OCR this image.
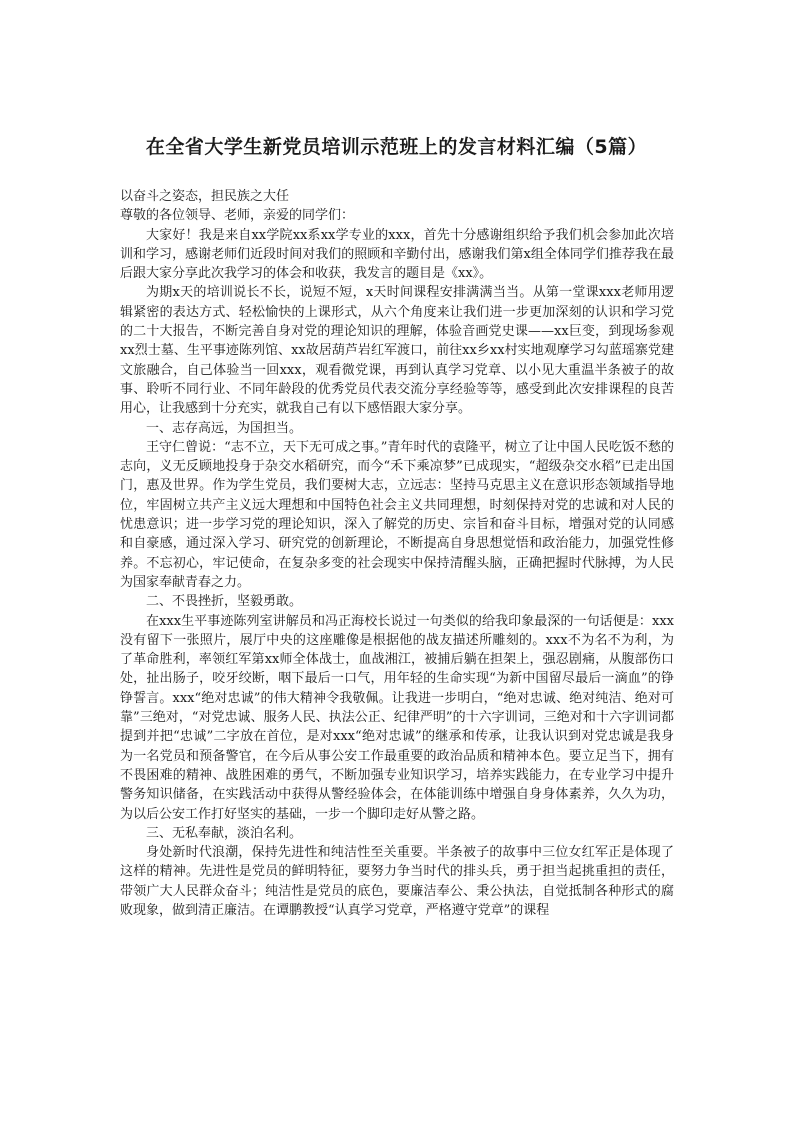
在全省大学生新党员培训示范班上的发言材料汇编（5篇）

以奋斗之姿态，担民族之大任

尊敬的各位领导、老师，亲爱的同学们：

大家好！我是来自xx学院xx系xx学专业的xxx，首先十分感谢组织给予我们机会参加此次培训和学习，感谢老师们近段时间对我们的照顾和辛勤付出，感谢我们第x组全体同学们推荐我在最后跟大家分享此次我学习的体会和收获，我发言的题目是《xx》。

为期x天的培训说长不长，说短不短，x天时间课程安排满满当当。从第一堂课xxx老师用逻辑紧密的表达方式、轻松愉快的上课形式，从六个角度来让我们进一步更加深刻的认识和学习党的二十大报告，不断完善自身对党的理论知识的理解，体验音画党史课——xx巨变，到现场参观xx烈士墓、生平事迹陈列馆、xx故居葫芦岩红军渡口，前往xx乡xx村实地观摩学习勾蓝瑶寨党建文旅融合，自己体验当一回xxx，观看微党课，再到认真学习党章、以小见大重温半条被子的故事、聆听不同行业、不同年龄段的优秀党员代表交流分享经验等等，感受到此次安排课程的良苦用心，让我感到十分充实，就我自己有以下感悟跟大家分享。

一、志存高远，为国担当。

王守仁曾说：“志不立，天下无可成之事。”青年时代的袁隆平，树立了让中国人民吃饭不愁的志向，义无反顾地投身于杂交水稻研究，而今“禾下乘凉梦”已成现实，“超级杂交水稻”已走出国门，惠及世界。作为学生党员，我们要树大志，立远志：坚持马克思主义在意识形态领域指导地位，牢固树立共产主义远大理想和中国特色社会主义共同理想，时刻保持对党的忠诚和对人民的忧患意识；进一步学习党的理论知识，深入了解党的历史、宗旨和奋斗目标，增强对党的认同感和自豪感，通过深入学习、研究党的创新理论，不断提高自身思想觉悟和政治能力，加强党性修养。不忘初心，牢记使命，在复杂多变的社会现实中保持清醒头脑，正确把握时代脉搏，为人民为国家奉献青春之力。

二、不畏挫折，坚毅勇敢。

在xxx生平事迹陈列室讲解员和冯正海校长说过一句类似的给我印象最深的一句话便是：xxx没有留下一张照片，展厅中央的这座雕像是根据他的战友描述所雕刻的。xxx不为名不为利，为了革命胜利，率领红军第xx师全体战士，血战湘江，被捕后躺在担架上，强忍剧痛，从腹部伤口处，扯出肠子，咬牙绞断，咽下最后一口气，用年轻的生命实现“为新中国留尽最后一滴血”的铮铮誓言。xxx“绝对忠诚”的伟大精神令我敬佩。让我进一步明白，“绝对忠诚、绝对纯洁、绝对可靠”三绝对，“对党忠诚、服务人民、执法公正、纪律严明”的十六字训词，三绝对和十六字训词都提到并把“忠诚”二字放在首位，是对xxx“绝对忠诚”的继承和传承，让我认识到对党忠诚是我身为一名党员和预备警官，在今后从事公安工作最重要的政治品质和精神本色。要立足当下，拥有不畏困难的精神、战胜困难的勇气，不断加强专业知识学习，培养实践能力，在专业学习中提升警务知识储备，在实践活动中获得从警经验体会，在体能训练中增强自身身体素养，久久为功，为以后公安工作打好坚实的基础，一步一个脚印走好从警之路。

三、无私奉献，淡泊名利。

身处新时代浪潮，保持先进性和纯洁性至关重要。半条被子的故事中三位女红军正是体现了这样的精神。先进性是党员的鲜明特征，要努力争当时代的排头兵，勇于担当起挑重担的责任，带领广大人民群众奋斗；纯洁性是党员的底色，要廉洁奉公、秉公执法，自觉抵制各种形式的腐败现象，做到清正廉洁。在谭鹏教授“认真学习党章，严格遵守党章”的课程
